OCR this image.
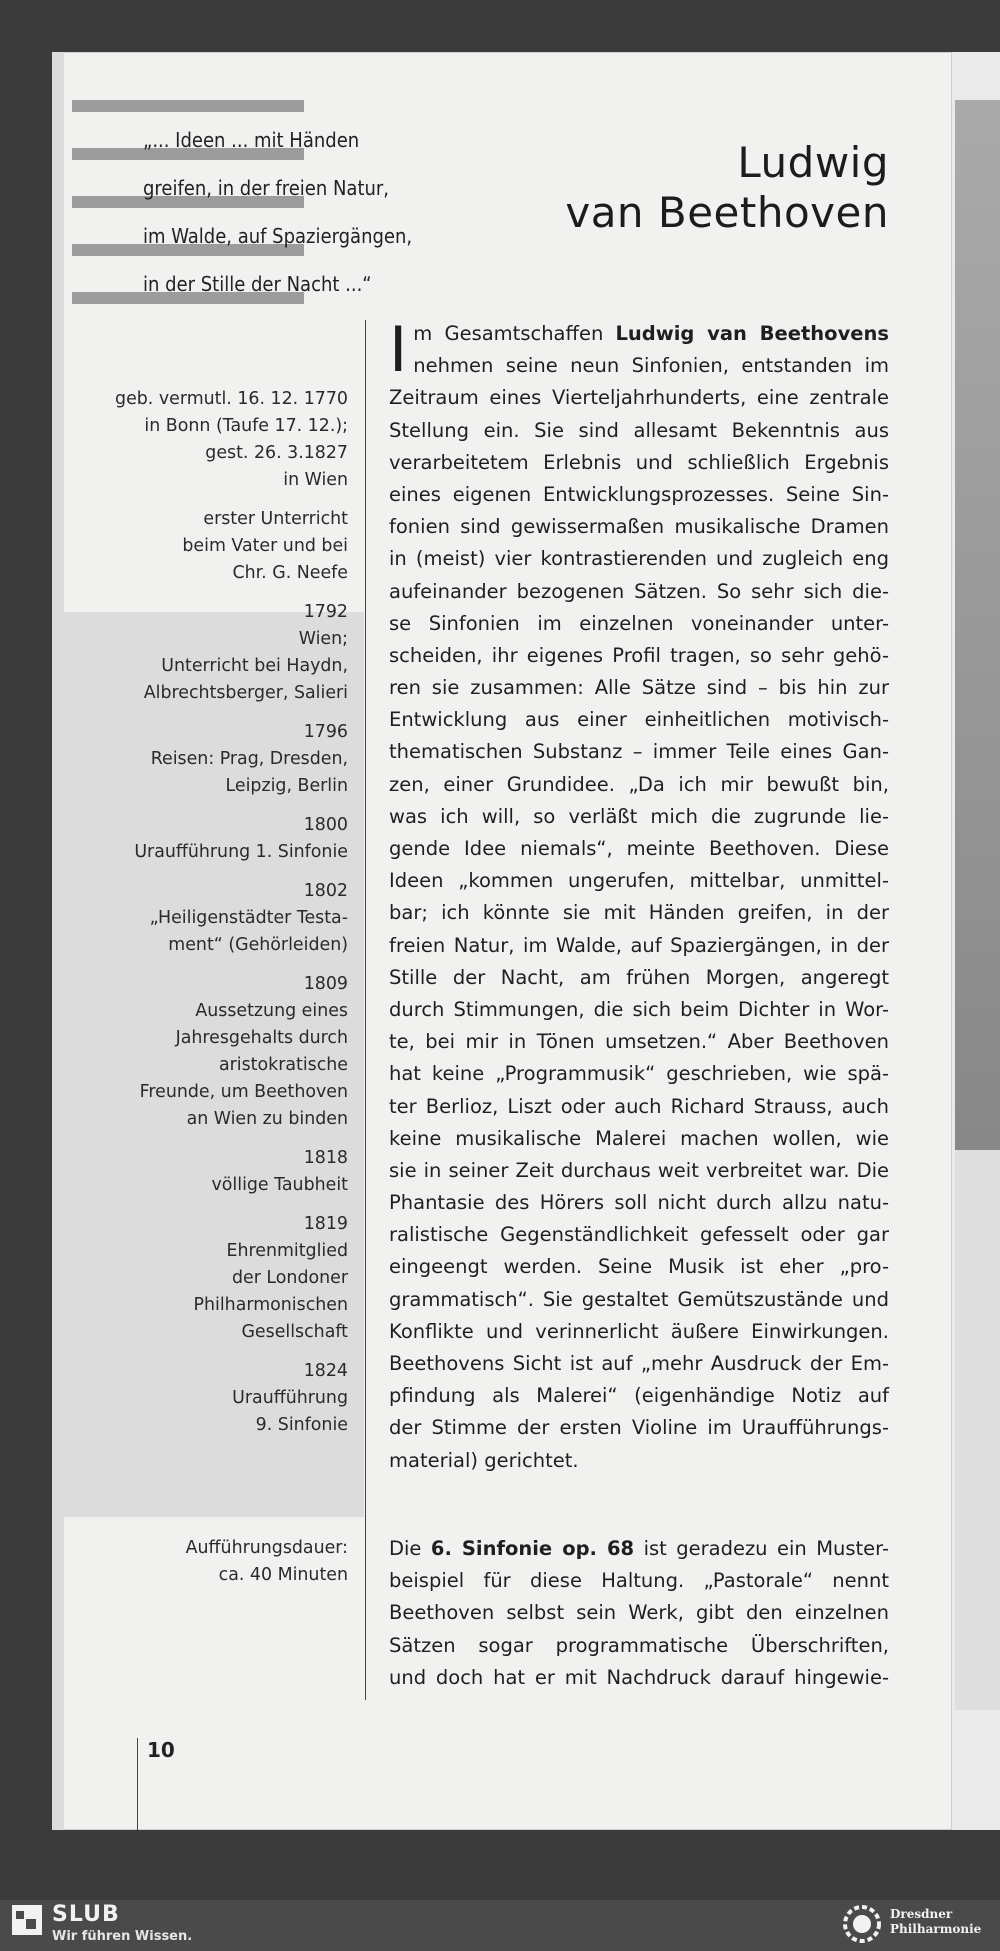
„... Ideen ... mit Händen
greifen, in der freien Natur,
im Walde, auf Spaziergängen,
in der Stille der Nacht ...“
Ludwig
van Beethoven
geb. vermutl. 16. 12. 1770
in Bonn (Taufe 17. 12.);
gest. 26. 3.1827
in Wien
erster Unterricht
beim Vater und bei
Chr. G. Neefe
1792
Wien;
Unterricht bei Haydn,
Albrechtsberger, Salieri
1796
Reisen: Prag, Dresden,
Leipzig, Berlin
1800
Uraufführung 1. Sinfonie
1802
„Heiligenstädter Testa-
ment“ (Gehörleiden)
1809
Aussetzung eines
Jahresgehalts durch
aristokratische
Freunde, um Beethoven
an Wien zu binden
1818
völlige Taubheit
1819
Ehrenmitglied
der Londoner
Philharmonischen
Gesellschaft
1824
Uraufführung
9. Sinfonie
Aufführungsdauer:
ca. 40 Minuten
I m Gesamtschaffen Ludwig van Beethovens
nehmen seine neun Sinfonien, entstanden im
Zeitraum eines Vierteljahrhunderts, eine zentrale
Stellung ein. Sie sind allesamt Bekenntnis aus
verarbeitetem Erlebnis und schließlich Ergebnis
eines eigenen Entwicklungsprozesses. Seine Sin-
fonien sind gewissermaßen musikalische Dramen
in (meist) vier kontrastierenden und zugleich eng
aufeinander bezogenen Sätzen. So sehr sich die-
se Sinfonien im einzelnen voneinander unter-
scheiden, ihr eigenes Profil tragen, so sehr gehö-
ren sie zusammen: Alle Sätze sind – bis hin zur
Entwicklung aus einer einheitlichen motivisch-
thematischen Substanz – immer Teile eines Gan-
zen, einer Grundidee. „Da ich mir bewußt bin,
was ich will, so verläßt mich die zugrunde lie-
gende Idee niemals“, meinte Beethoven. Diese
Ideen „kommen ungerufen, mittelbar, unmittel-
bar; ich könnte sie mit Händen greifen, in der
freien Natur, im Walde, auf Spaziergängen, in der
Stille der Nacht, am frühen Morgen, angeregt
durch Stimmungen, die sich beim Dichter in Wor-
te, bei mir in Tönen umsetzen.“ Aber Beethoven
hat keine „Programmusik“ geschrieben, wie spä-
ter Berlioz, Liszt oder auch Richard Strauss, auch
keine musikalische Malerei machen wollen, wie
sie in seiner Zeit durchaus weit verbreitet war. Die
Phantasie des Hörers soll nicht durch allzu natu-
ralistische Gegenständlichkeit gefesselt oder gar
eingeengt werden. Seine Musik ist eher „pro-
grammatisch“. Sie gestaltet Gemütszustände und
Konflikte und verinnerlicht äußere Einwirkungen.
Beethovens Sicht ist auf „mehr Ausdruck der Em-
pfindung als Malerei“ (eigenhändige Notiz auf
der Stimme der ersten Violine im Uraufführungs-
material) gerichtet.
Die 6. Sinfonie op. 68 ist geradezu ein Muster-
beispiel für diese Haltung. „Pastorale“ nennt
Beethoven selbst sein Werk, gibt den einzelnen
Sätzen sogar programmatische Überschriften,
und doch hat er mit Nachdruck darauf hingewie-
10
SLUB
Wir führen Wissen.
Dresdner
Philharmonie
